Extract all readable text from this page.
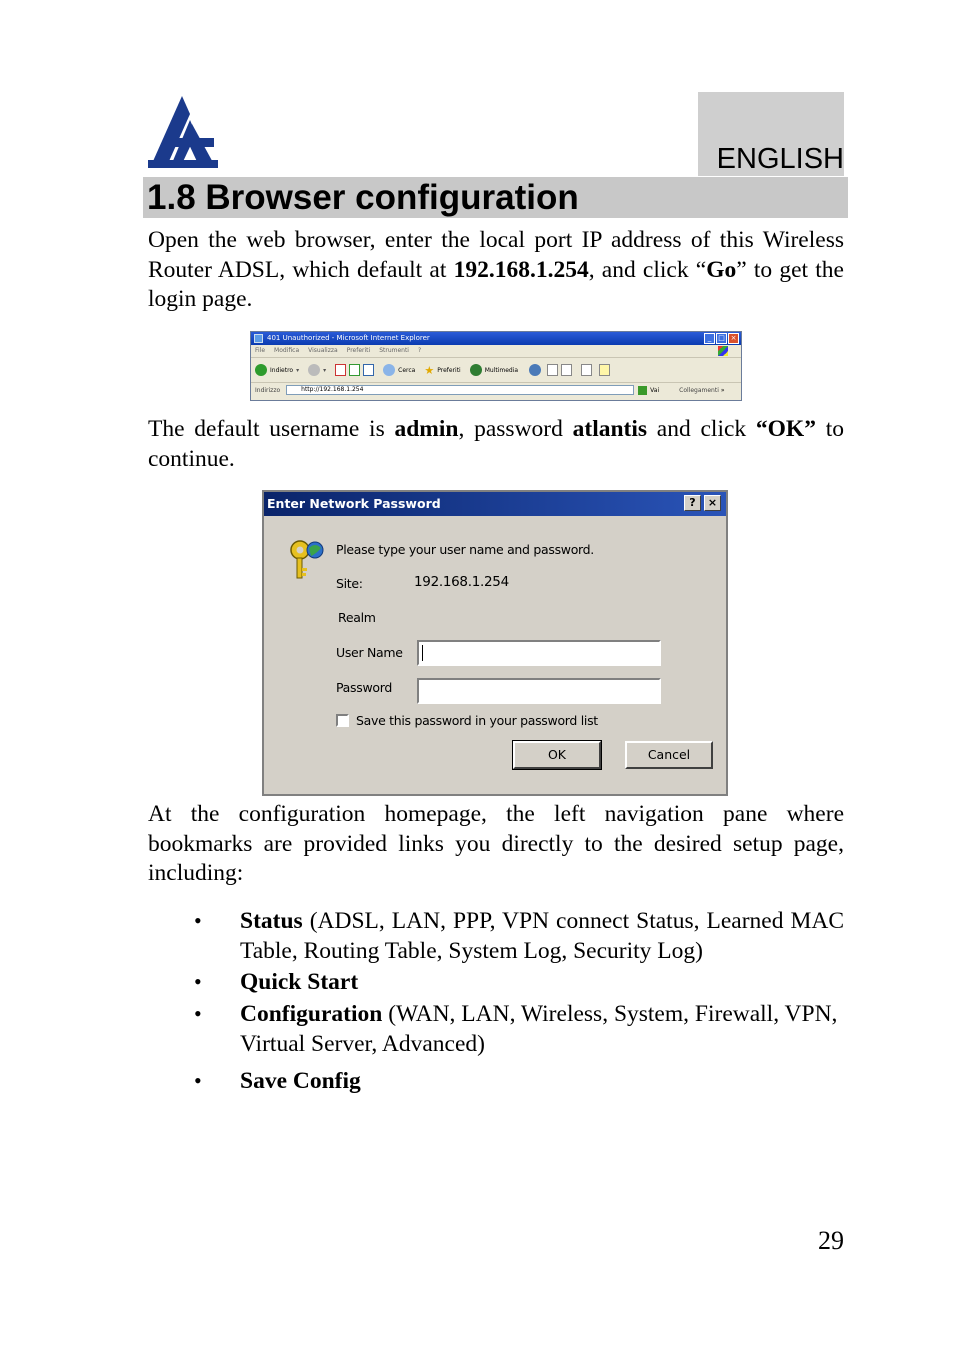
ENGLISH
1.8 Browser configuration
Open the web browser, enter the local port IP address of this Wireless Router ADSL, which default at 192.168.1.254, and click “Go” to get the login page.
401 Unauthorized - Microsoft Internet Explorer	_ □ ×
File Modifica Visualizza Preferiti Strumenti ?
Indietro ▾	▾	Cerca ★ Preferiti	Multimedia
Indirizzo	http://192.168.1.254	Vai	Collegamenti »
The default username is admin, password atlantis and click “OK” to continue.
Enter Network Password	?	×
Please type your user name and password.
Site:	192.168.1.254
Realm
User Name
Password
Save this password in your password list
OK	Cancel
At the configuration homepage, the left navigation pane where bookmarks are provided links you directly to the desired setup page, including:
• Status (ADSL, LAN, PPP, VPN connect Status, Learned MAC Table, Routing Table, System Log, Security Log)
• Quick Start
• Configuration (WAN, LAN, Wireless, System, Firewall, VPN, Virtual Server, Advanced)
• Save Config
29
